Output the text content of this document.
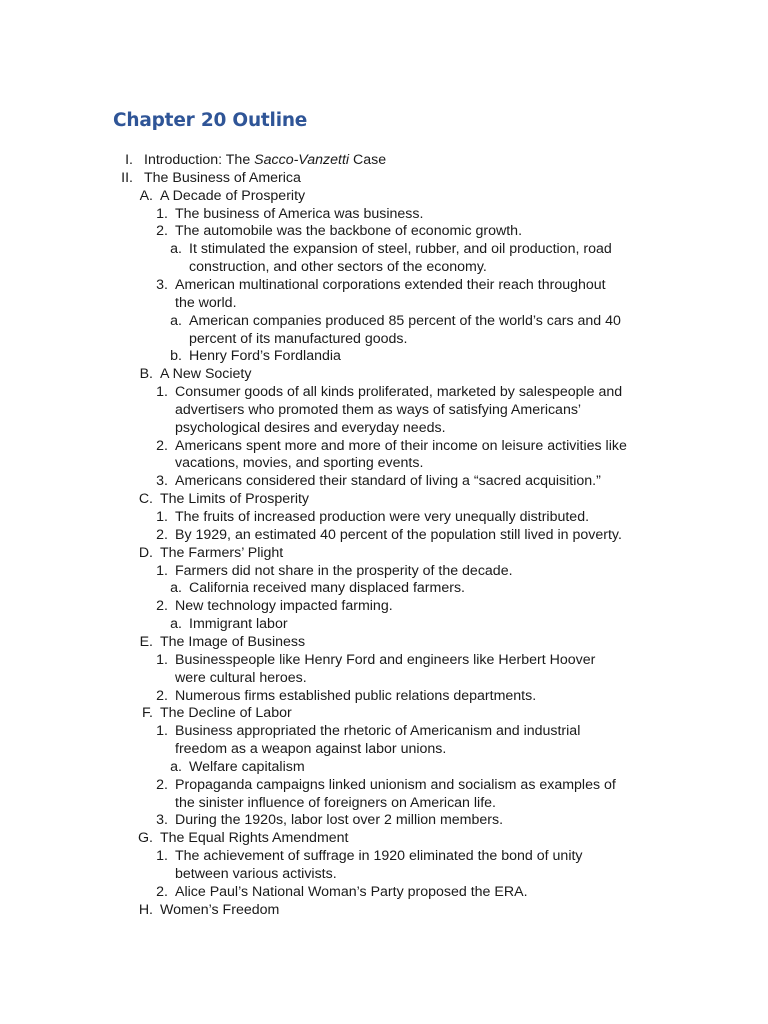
Chapter 20 Outline
I. Introduction: The Sacco-Vanzetti Case
II. The Business of America
A. A Decade of Prosperity
1. The business of America was business.
2. The automobile was the backbone of economic growth.
a. It stimulated the expansion of steel, rubber, and oil production, road
construction, and other sectors of the economy.
3. American multinational corporations extended their reach throughout
the world.
a. American companies produced 85 percent of the world’s cars and 40
percent of its manufactured goods.
b. Henry Ford’s Fordlandia
B. A New Society
1. Consumer goods of all kinds proliferated, marketed by salespeople and
advertisers who promoted them as ways of satisfying Americans’
psychological desires and everyday needs.
2. Americans spent more and more of their income on leisure activities like
vacations, movies, and sporting events.
3. Americans considered their standard of living a “sacred acquisition.”
C. The Limits of Prosperity
1. The fruits of increased production were very unequally distributed.
2. By 1929, an estimated 40 percent of the population still lived in poverty.
D. The Farmers’ Plight
1. Farmers did not share in the prosperity of the decade.
a. California received many displaced farmers.
2. New technology impacted farming.
a. Immigrant labor
E. The Image of Business
1. Businesspeople like Henry Ford and engineers like Herbert Hoover
were cultural heroes.
2. Numerous firms established public relations departments.
F. The Decline of Labor
1. Business appropriated the rhetoric of Americanism and industrial
freedom as a weapon against labor unions.
a. Welfare capitalism
2. Propaganda campaigns linked unionism and socialism as examples of
the sinister influence of foreigners on American life.
3. During the 1920s, labor lost over 2 million members.
G. The Equal Rights Amendment
1. The achievement of suffrage in 1920 eliminated the bond of unity
between various activists.
2. Alice Paul’s National Woman’s Party proposed the ERA.
H. Women’s Freedom
